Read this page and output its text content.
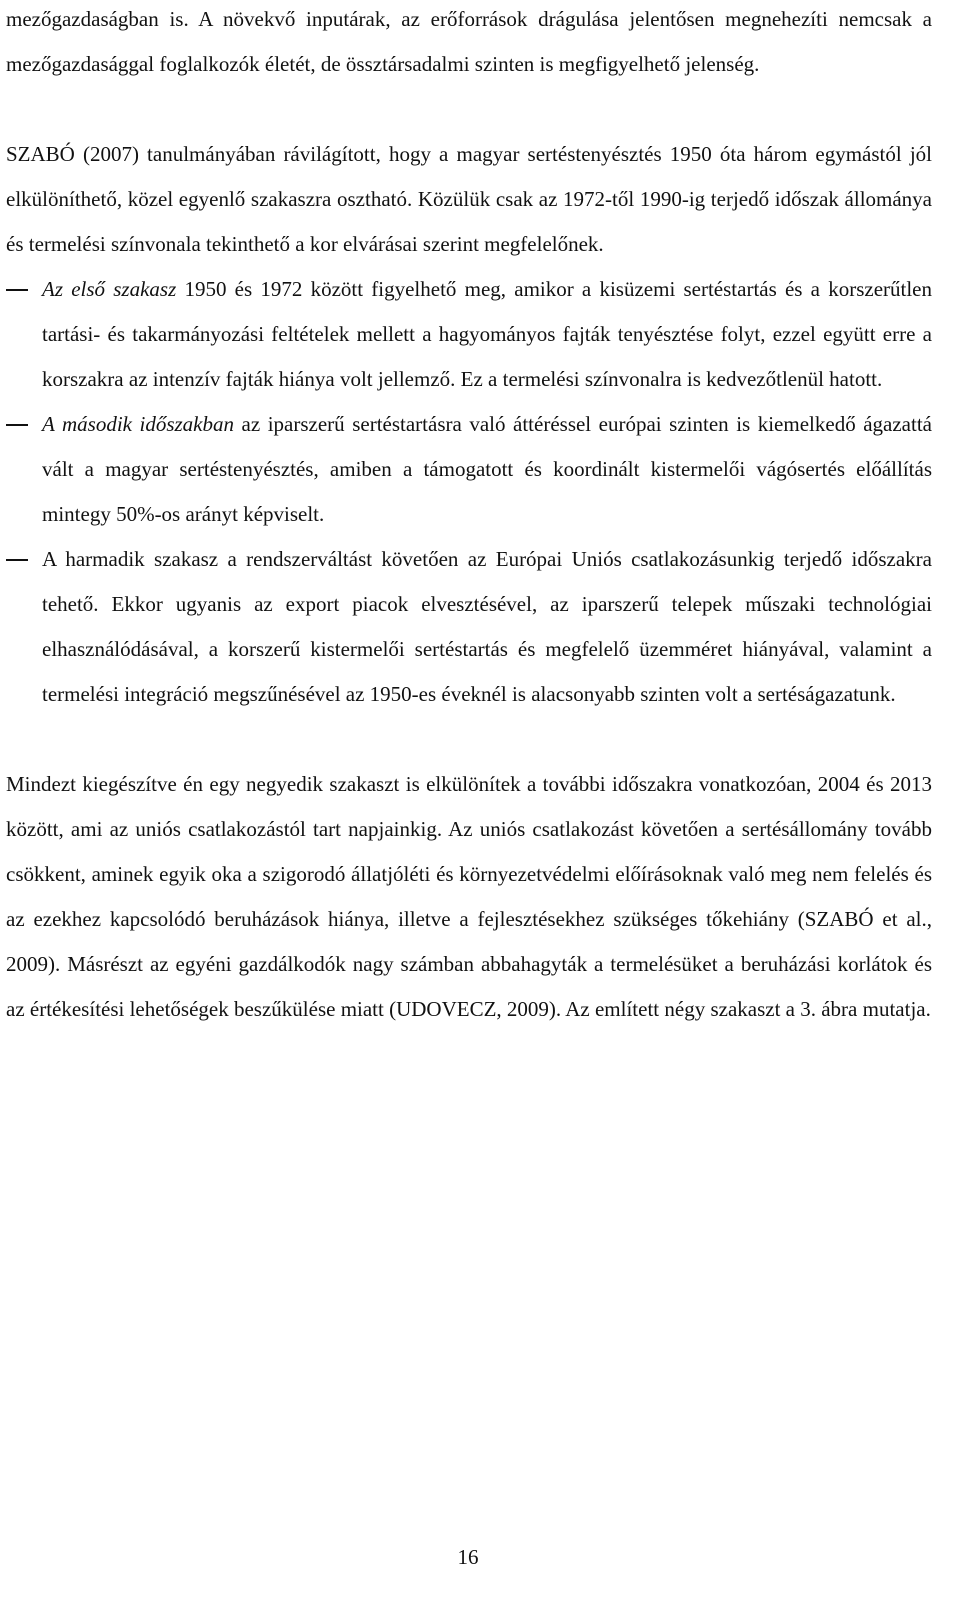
mezőgazdaságban is. A növekvő inputárak, az erőforrások drágulása jelentősen megnehezíti nemcsak a mezőgazdasággal foglalkozók életét, de össztársadalmi szinten is megfigyelhető jelenség.

SZABÓ (2007) tanulmányában rávilágított, hogy a magyar sertéstenyésztés 1950 óta három egymástól jól elkülöníthető, közel egyenlő szakaszra osztható. Közülük csak az 1972-től 1990-ig terjedő időszak állománya és termelési színvonala tekinthető a kor elvárásai szerint megfelelőnek.

Az első szakasz 1950 és 1972 között figyelhető meg, amikor a kisüzemi sertéstartás és a korszerűtlen tartási- és takarmányozási feltételek mellett a hagyományos fajták tenyésztése folyt, ezzel együtt erre a korszakra az intenzív fajták hiánya volt jellemző. Ez a termelési színvonalra is kedvezőtlenül hatott.
A második időszakban az iparszerű sertéstartásra való áttéréssel európai szinten is kiemelkedő ágazattá vált a magyar sertéstenyésztés, amiben a támogatott és koordinált kistermelői vágósertés előállítás mintegy 50%-os arányt képviselt.
A harmadik szakasz a rendszerváltást követően az Európai Uniós csatlakozásunkig terjedő időszakra tehető. Ekkor ugyanis az export piacok elvesztésével, az iparszerű telepek műszaki technológiai elhasználódásával, a korszerű kistermelői sertéstartás és megfelelő üzemméret hiányával, valamint a termelési integráció megszűnésével az 1950-es éveknél is alacsonyabb szinten volt a sertéságazatunk.

Mindezt kiegészítve én egy negyedik szakaszt is elkülönítek a további időszakra vonatkozóan, 2004 és 2013 között, ami az uniós csatlakozástól tart napjainkig. Az uniós csatlakozást követően a sertésállomány tovább csökkent, aminek egyik oka a szigorodó állatjóléti és környezetvédelmi előírásoknak való meg nem felelés és az ezekhez kapcsolódó beruházások hiánya, illetve a fejlesztésekhez szükséges tőkehiány (SZABÓ et al., 2009). Másrészt az egyéni gazdálkodók nagy számban abbahagyták a termelésüket a beruházási korlátok és az értékesítési lehetőségek beszűkülése miatt (UDOVECZ, 2009). Az említett négy szakaszt a 3. ábra mutatja.

16
